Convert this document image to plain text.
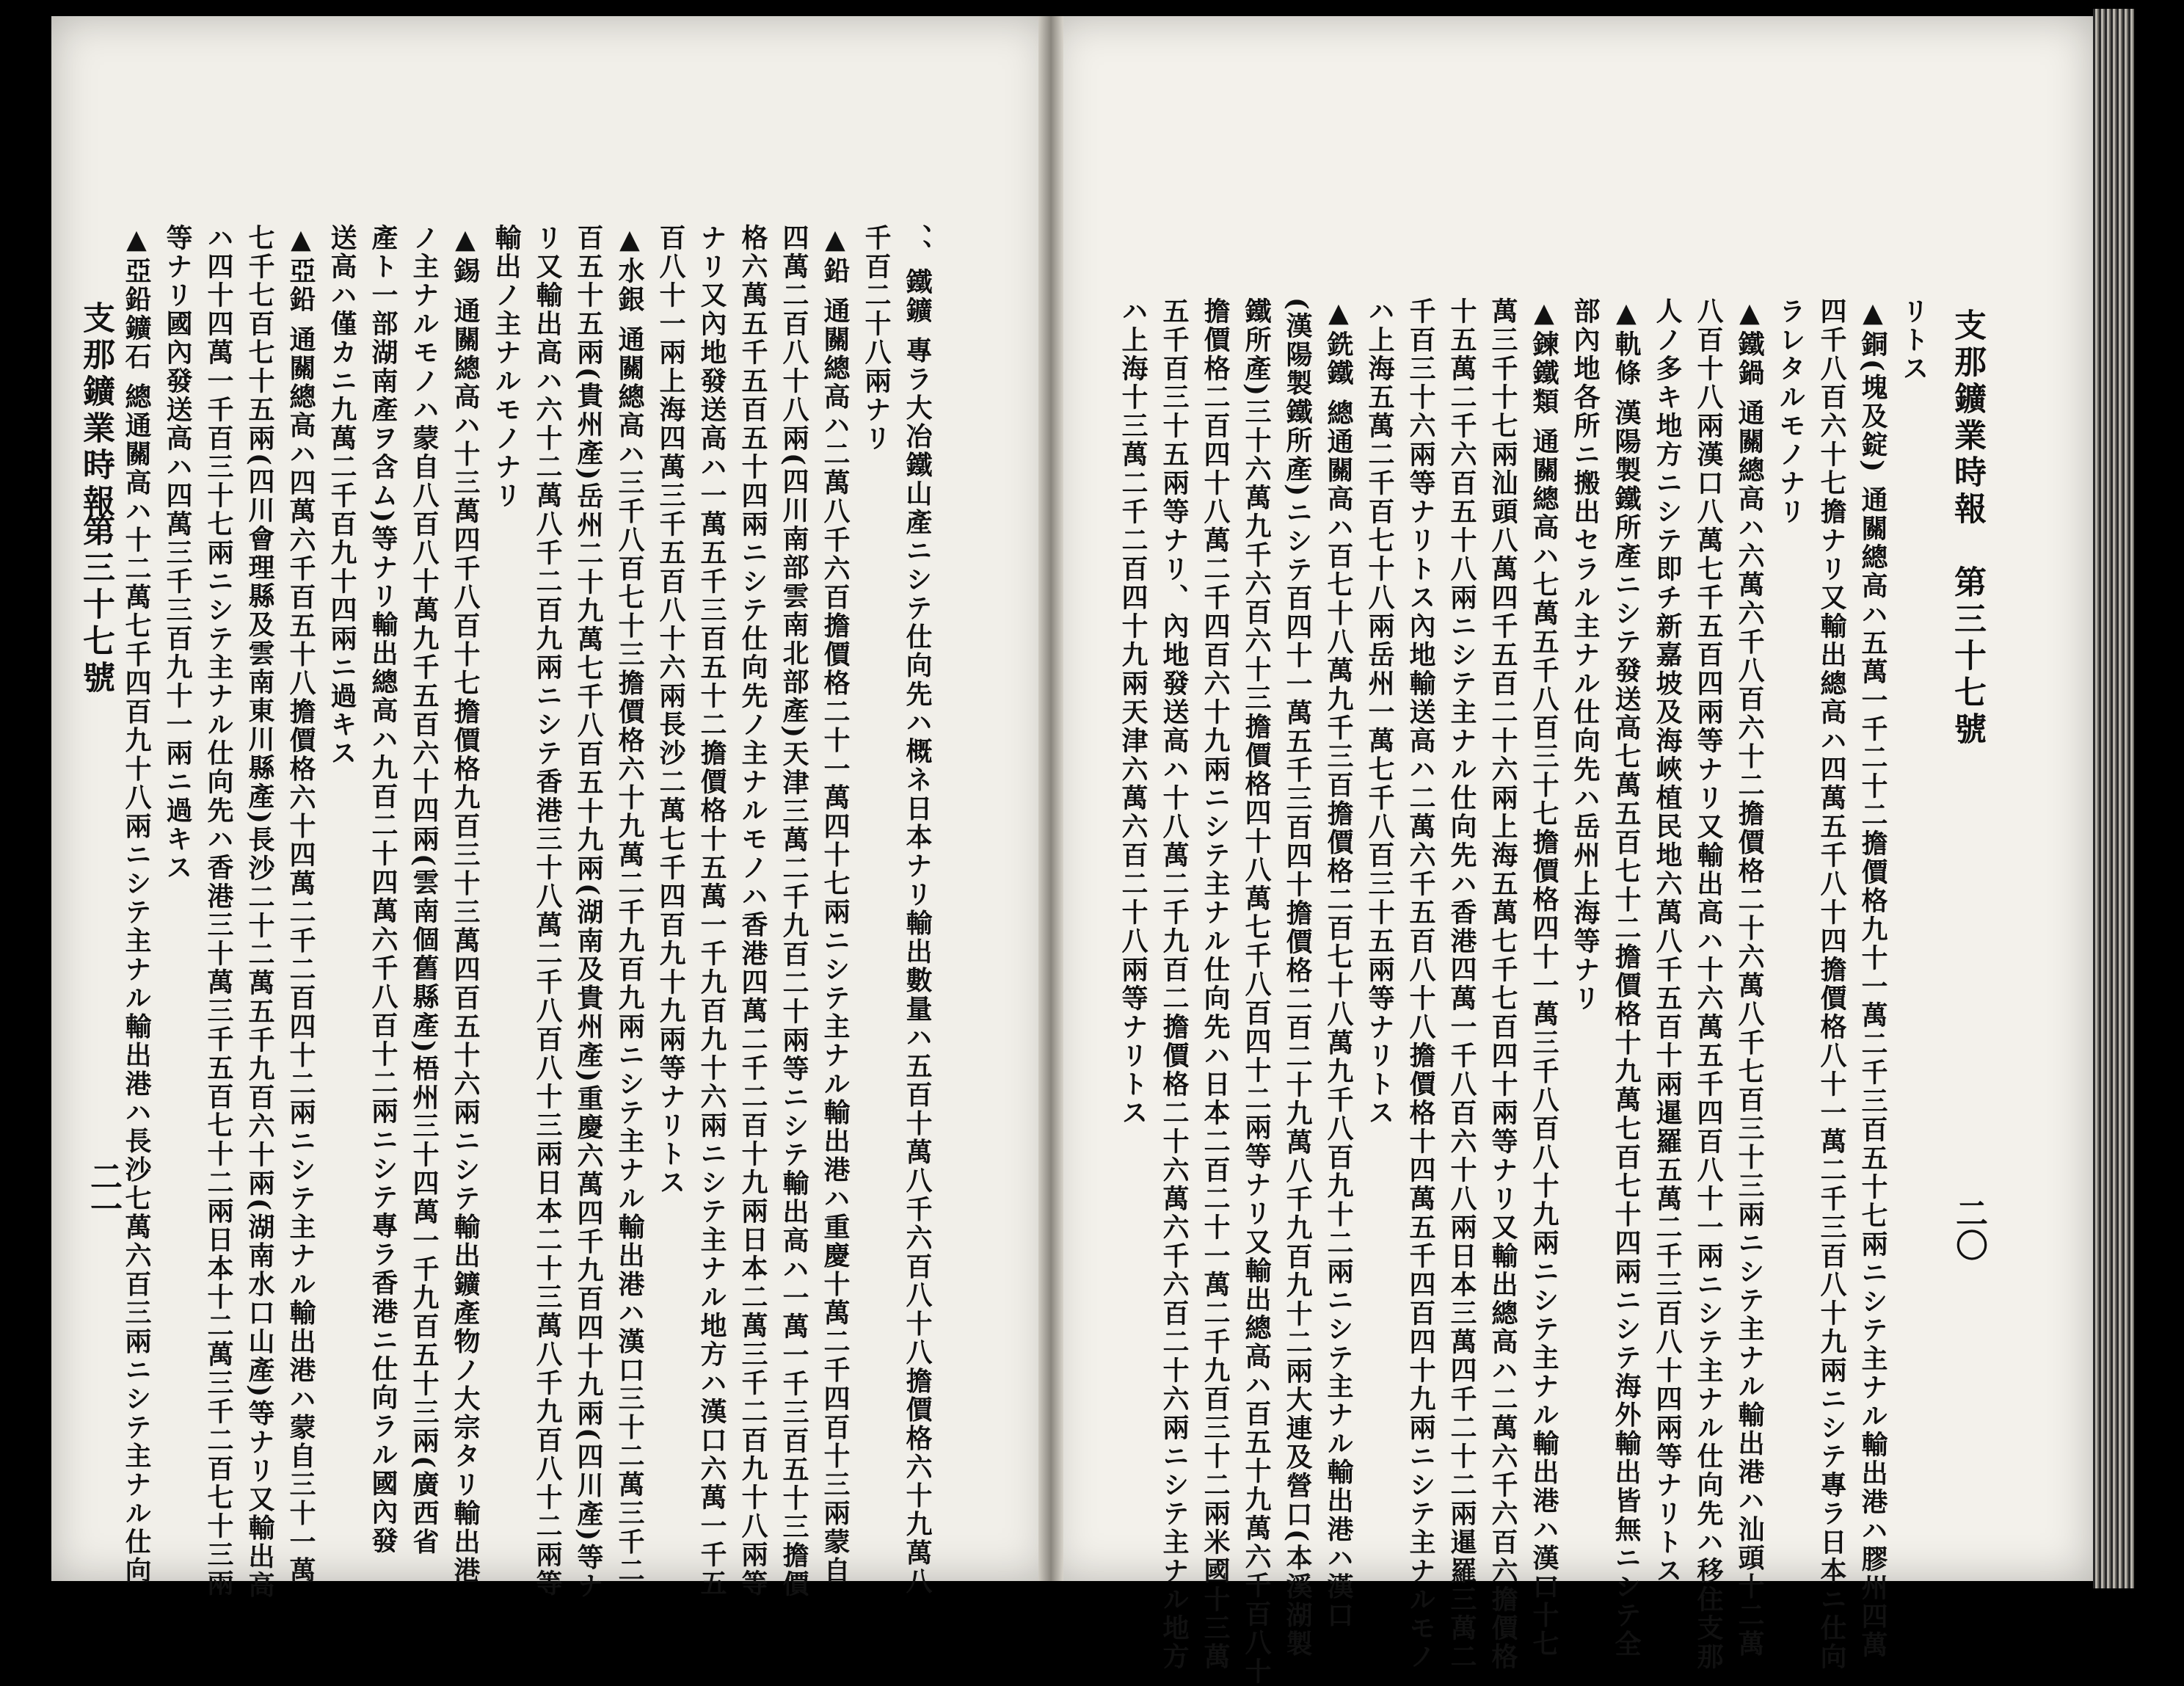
支那鑛業時報
第三十七號
二〇
リトス
▲銅(塊及錠) 通關總高ハ五萬一千二十二擔價格九十一萬二千三百五十七兩ニシテ主ナル輸出港ハ膠州四萬
四千八百六十七擔ナリ又輸出總高ハ四萬五千八十四擔價格八十一萬二千三百八十九兩ニシテ專ラ日本ニ仕向
ラレタルモノナリ
▲鐵鍋 通關總高ハ六萬六千八百六十二擔價格二十六萬八千七百三十三兩ニシテ主ナル輸出港ハ汕頭十二萬
八百十八兩漢口八萬七千五百四兩等ナリ又輸出高ハ十六萬五千四百八十一兩ニシテ主ナル仕向先ハ移住支那
人ノ多キ地方ニシテ即チ新嘉坡及海峽植民地六萬八千五百十兩暹羅五萬二千三百八十四兩等ナリトス
▲軌條 漢陽製鐵所產ニシテ發送高七萬五百七十二擔價格十九萬七百七十四兩ニシテ海外輸出皆無ニシテ全
部內地各所ニ搬出セラル主ナル仕向先ハ岳州上海等ナリ
▲鍊鐵類 通關總高ハ七萬五千八百三十七擔價格四十一萬三千八百八十九兩ニシテ主ナル輸出港ハ漢口十七
萬三千十七兩汕頭八萬四千五百二十六兩上海五萬七千七百四十兩等ナリ又輸出總高ハ二萬六千六百六擔價格
十五萬二千六百五十八兩ニシテ主ナル仕向先ハ香港四萬一千八百六十八兩日本三萬四千二十二兩暹羅三萬二
千百三十六兩等ナリトス內地輸送高ハ二萬六千五百八十八擔價格十四萬五千四百四十九兩ニシテ主ナルモノ
ハ上海五萬二千百七十八兩岳州一萬七千八百三十五兩等ナリトス
▲銑鐵 總通關高ハ百七十八萬九千三百擔價格二百七十八萬九千八百九十二兩ニシテ主ナル輸出港ハ漢口
(漢陽製鐵所產)ニシテ百四十一萬五千三百四十擔價格二百二十九萬八千九百九十二兩大連及營口(本溪湖製
鐵所產)三十六萬九千六百六十三擔價格四十八萬七千八百四十二兩等ナリ又輸出總高ハ百五十九萬六千百八十
擔價格二百四十八萬二千四百六十九兩ニシテ主ナル仕向先ハ日本二百二十一萬二千九百三十二兩米國十三萬
五千百三十五兩等ナリ、內地發送高ハ十八萬二千九百二擔價格二十六萬六千六百二十六兩ニシテ主ナル地方
ハ上海十三萬二千二百四十九兩天津六萬六百二十八兩等ナリトス
支那鑛業時報
第三十七號
二一	、、鐵鑛 專ラ大冶鐵山產ニシテ仕向先ハ概ネ日本ナリ輸出數量ハ五百十萬八千六百八十八擔價格六十九萬八
千百二十八兩ナリ
▲鉛 通關總高ハ二萬八千六百擔價格二十一萬四十七兩ニシテ主ナル輸出港ハ重慶十萬二千四百十三兩蒙自
四萬二百八十八兩(四川南部雲南北部產)天津三萬二千九百二十兩等ニシテ輸出高ハ一萬一千三百五十三擔價
格六萬五千五百五十四兩ニシテ仕向先ノ主ナルモノハ香港四萬二千二百十九兩日本二萬三千二百九十八兩等
ナリ又內地發送高ハ一萬五千三百五十二擔價格十五萬一千九百九十六兩ニシテ主ナル地方ハ漢口六萬一千五
百八十一兩上海四萬三千五百八十六兩長沙二萬七千四百九十九兩等ナリトス
▲水銀 通關總高ハ三千八百七十三擔價格六十九萬二千九百九兩ニシテ主ナル輸出港ハ漢口三十二萬三千二
百五十五兩(貴州產)岳州二十九萬七千八百五十九兩(湖南及貴州產)重慶六萬四千九百四十九兩(四川產)等ナ
リ又輸出高ハ六十二萬八千二百九兩ニシテ香港三十八萬二千八百八十三兩日本二十三萬八千九百八十二兩等
輸出ノ主ナルモノナリ
▲錫 通關總高ハ十三萬四千八百十七擔價格九百三十三萬四百五十六兩ニシテ輸出鑛產物ノ大宗タリ輸出港
ノ主ナルモノハ蒙自八百八十萬九千五百六十四兩(雲南個舊縣產)梧州三十四萬一千九百五十三兩(廣西省
產ト一部湖南產ヲ含ム)等ナリ輸出總高ハ九百二十四萬六千八百十二兩ニシテ專ラ香港ニ仕向ラル國內發
送高ハ僅カニ九萬二千百九十四兩ニ過キス
▲亞鉛 通關總高ハ四萬六千百五十八擔價格六十四萬二千二百四十二兩ニシテ主ナル輸出港ハ蒙自三十一萬
七千七百七十五兩(四川會理縣及雲南東川縣產)長沙二十二萬五千九百六十兩(湖南水口山產)等ナリ又輸出高
ハ四十四萬一千百三十七兩ニシテ主ナル仕向先ハ香港三十萬三千五百七十二兩日本十二萬三千二百七十三兩
等ナリ國內發送高ハ四萬三千三百九十一兩ニ過キス
▲亞鉛鑛石 總通關高ハ十二萬七千四百九十八兩ニシテ主ナル輸出港ハ長沙七萬六百三兩ニシテ主ナル仕向
